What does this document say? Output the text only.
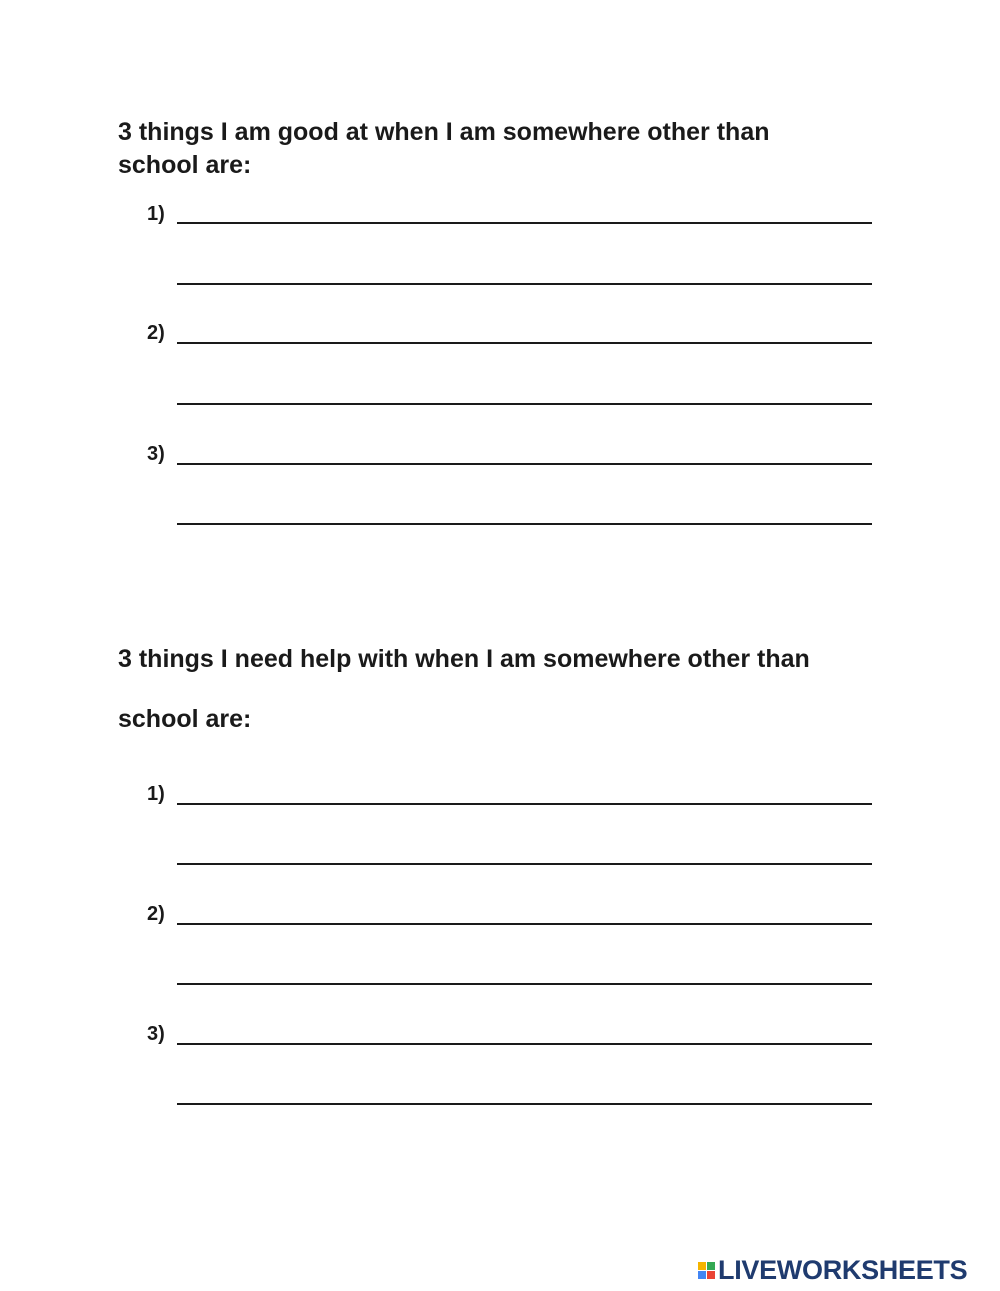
3 things I am good at when I am somewhere other than
school are:
1)
2)
3)
3 things I need help with when I am somewhere other than
school are:
1)
2)
3)
LIVEWORKSHEETS
